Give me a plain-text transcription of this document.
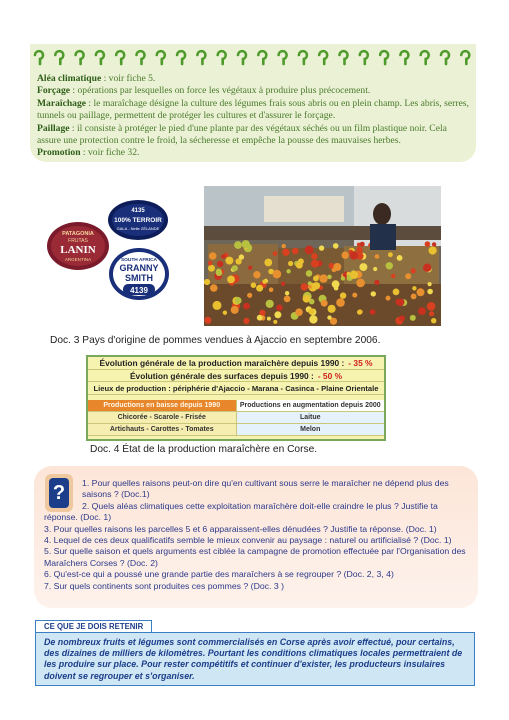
Aléa climatique : voir fiche 5.
Forçage : opérations par lesquelles on force les végétaux à produire plus précocement.
Maraîchage : le maraîchage désigne la culture des légumes frais sous abris ou en plein champ. Les abris, serres, tunnels ou paillage, permettent de protéger les cultures et d'assurer le forçage.
Paillage : il consiste à protéger le pied d'une plante par des végétaux séchés ou un film plastique noir. Cela assure une protection contre le froid, la sécheresse et empêche la pousse des mauvaises herbes.
Promotion : voir fiche 32.
PATAGONIA
FRUTAS
LANIN
ARGENTINA
4135
100% TERROIR
GALA - Nelle ZÉLANDE
SOUTH AFRICA
GRANNY
SMITH
4139
Doc. 3 Pays d'origine de pommes vendues à Ajaccio en septembre 2006.
Évolution générale de la production maraîchère depuis 1990 : - 35 %
Évolution générale des surfaces depuis 1990 : - 50 %
Lieux de production : périphérie d'Ajaccio - Marana - Casinca - Plaine Orientale
Productions en baisse depuis 1990	Productions en augmentation depuis 2000
Chicorée - Scarole - Frisée	Laitue
Artichauts - Carottes - Tomates	Melon
Doc. 4 État de la production maraîchère en Corse.
?	1. Pour quelles raisons peut-on dire qu'en cultivant sous serre le maraîcher ne dépend plus des saisons ? (Doc.1)
2. Quels aléas climatiques cette exploitation maraîchère doit-elle craindre le plus ? Justifie ta réponse. (Doc. 1)
3. Pour quelles raisons les parcelles 5 et 6 apparaissent-elles dénudées ? Justifie ta réponse. (Doc. 1)
4. Lequel de ces deux qualificatifs semble le mieux convenir au paysage : naturel ou artificialisé ? (Doc. 1)
5. Sur quelle saison et quels arguments est ciblée la campagne de promotion effectuée par l'Organisation des Maraîchers Corses ? (Doc. 2)
6. Qu'est-ce qui a poussé une grande partie des maraîchers à se regrouper ? (Doc. 2, 3, 4)
7. Sur quels continents sont produites ces pommes ? (Doc. 3 )
CE QUE JE DOIS RETENIR
De nombreux fruits et légumes sont commercialisés en Corse après avoir effectué, pour certains, des dizaines de milliers de kilomètres. Pourtant les conditions climatiques locales permettraient de les produire sur place. Pour rester compétitifs et continuer d'exister, les producteurs insulaires doivent se regrouper et s'organiser.
